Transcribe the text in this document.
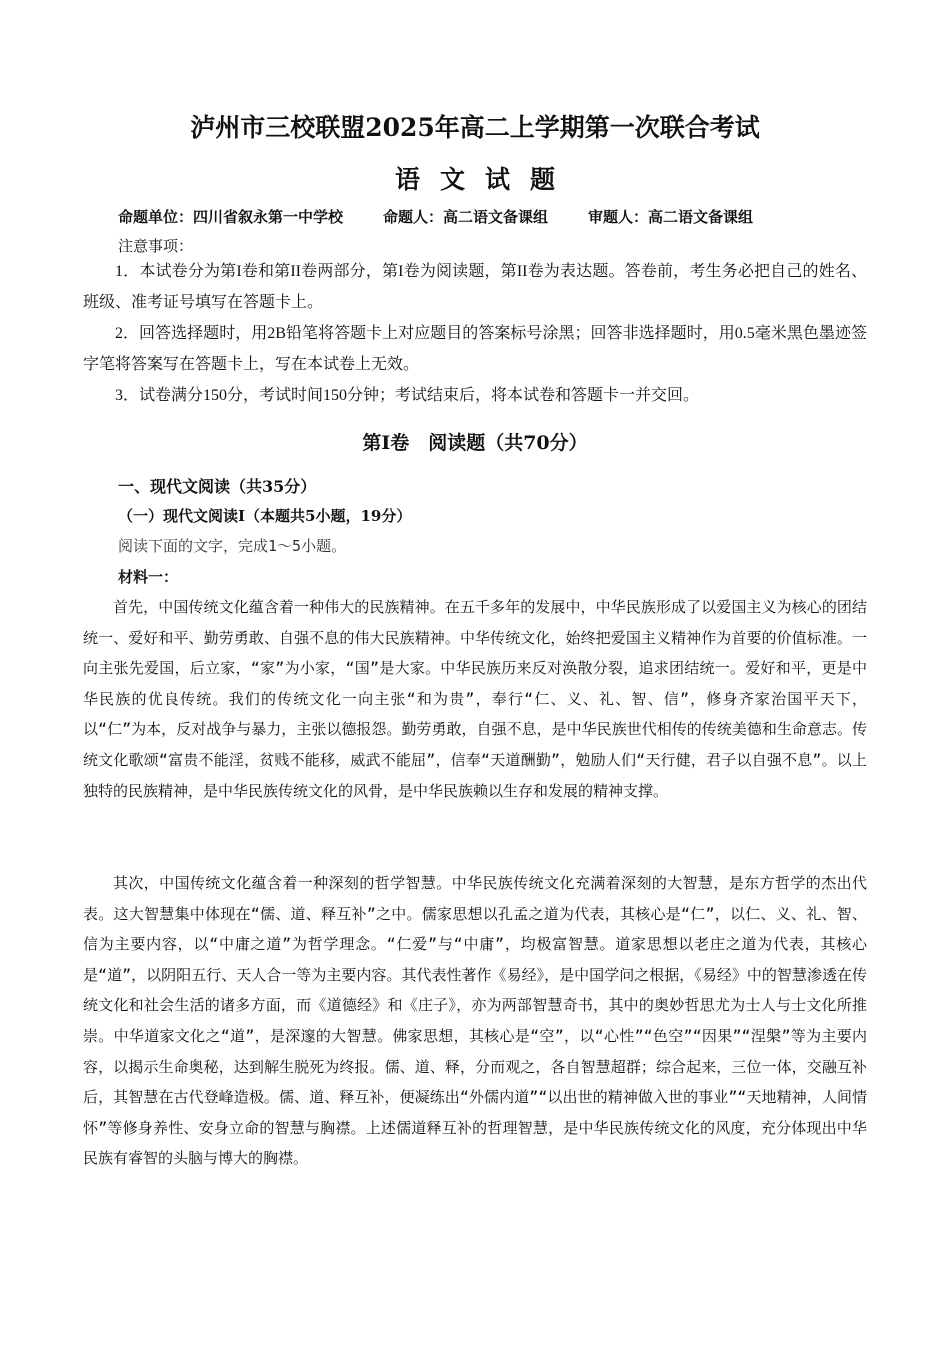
泸州市三校联盟2025年高二上学期第一次联合考试
语文试题
命题单位：四川省叙永第一中学校	命题人：高二语文备课组	审题人：高二语文备课组
注意事项：

1．本试卷分为第I卷和第II卷两部分，第I卷为阅读题，第II卷为表达题。答卷前，考生务必把自己的姓名、班级、准考证号填写在答题卡上。

2．回答选择题时，用2B铅笔将答题卡上对应题目的答案标号涂黑；回答非选择题时，用0.5毫米黑色墨迹签字笔将答案写在答题卡上，写在本试卷上无效。

3．试卷满分150分，考试时间150分钟；考试结束后，将本试卷和答题卡一并交回。

第I卷　阅读题（共70分）
一、现代文阅读（共35分）
（一）现代文阅读I（本题共5小题，19分）
阅读下面的文字，完成1～5小题。
材料一：

首先，中国传统文化蕴含着一种伟大的民族精神。在五千多年的发展中，中华民族形成了以爱国主义为核心的团结统一、爱好和平、勤劳勇敢、自强不息的伟大民族精神。中华传统文化，始终把爱国主义精神作为首要的价值标准。一向主张先爱国，后立家，“家”为小家，“国”是大家。中华民族历来反对涣散分裂，追求团结统一。爱好和平，更是中华民族的优良传统。我们的传统文化一向主张“和为贵”，奉行“仁、义、礼、智、信”，修身齐家治国平天下，以“仁”为本，反对战争与暴力，主张以德报怨。勤劳勇敢，自强不息，是中华民族世代相传的传统美德和生命意志。传统文化歌颂“富贵不能淫，贫贱不能移，威武不能屈”，信奉“天道酬勤”，勉励人们“天行健，君子以自强不息”。以上独特的民族精神，是中华民族传统文化的风骨，是中华民族赖以生存和发展的精神支撑。

其次，中国传统文化蕴含着一种深刻的哲学智慧。中华民族传统文化充满着深刻的大智慧，是东方哲学的杰出代表。这大智慧集中体现在“儒、道、释互补”之中。儒家思想以孔孟之道为代表，其核心是“仁”，以仁、义、礼、智、信为主要内容，以“中庸之道”为哲学理念。“仁爱”与“中庸”，均极富智慧。道家思想以老庄之道为代表，其核心是“道”，以阴阳五行、天人合一等为主要内容。其代表性著作《易经》，是中国学问之根据，《易经》中的智慧渗透在传统文化和社会生活的诸多方面，而《道德经》和《庄子》，亦为两部智慧奇书，其中的奥妙哲思尤为士人与士文化所推崇。中华道家文化之“道”，是深邃的大智慧。佛家思想，其核心是“空”，以“心性”“色空”“因果”“涅槃”等为主要内容，以揭示生命奥秘，达到解生脱死为终报。儒、道、释，分而观之，各自智慧超群；综合起来，三位一体，交融互补后，其智慧在古代登峰造极。儒、道、释互补，便凝练出“外儒内道”“以出世的精神做入世的事业”“天地精神，人间情怀”等修身养性、安身立命的智慧与胸襟。上述儒道释互补的哲理智慧，是中华民族传统文化的风度，充分体现出中华民族有睿智的头脑与博大的胸襟。
